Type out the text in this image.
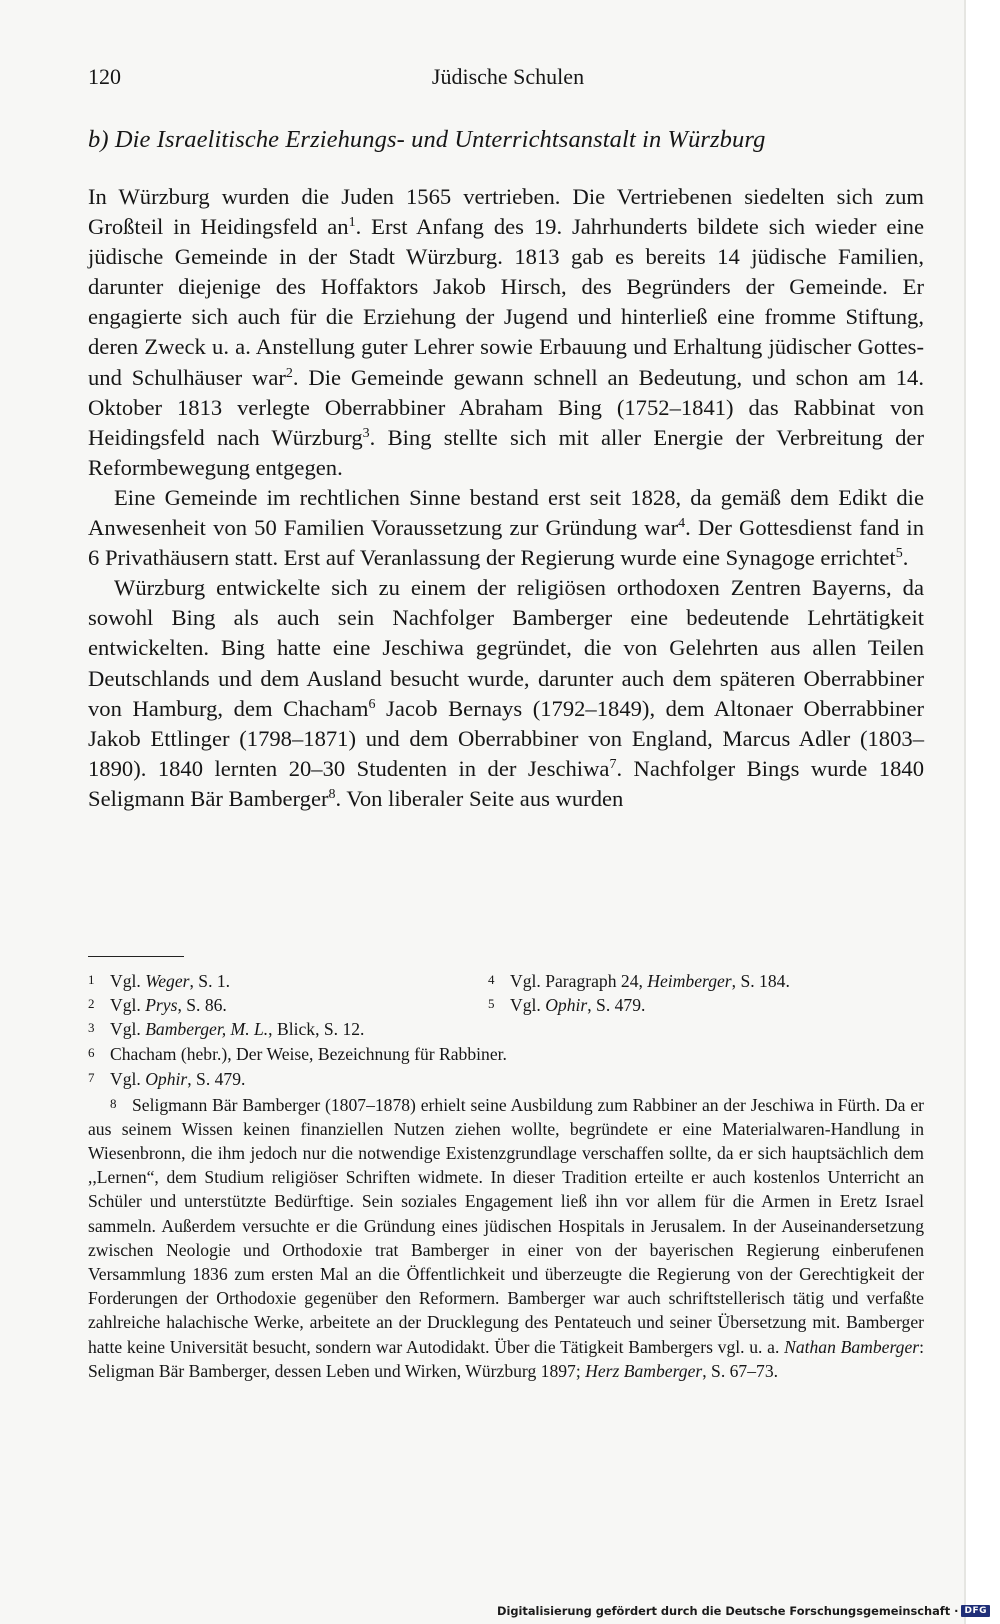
120	Jüdische Schulen
b) Die Israelitische Erziehungs- und Unterrichtsanstalt in Würzburg

In Würzburg wurden die Juden 1565 vertrieben. Die Vertriebenen siedelten sich zum Großteil in Heidingsfeld $an^1$. Erst Anfang des 19. Jahrhunderts bildete sich wieder eine jüdische Gemeinde in der Stadt Würzburg. 1813 gab es bereits 14 jüdische Familien, darunter diejenige des Hoffaktors Jakob Hirsch, des Begründers der Gemeinde. Er engagierte sich auch für die Erziehung der Jugend und hinterließ eine fromme Stiftung, deren Zweck u. a. Anstellung guter Lehrer sowie Erbauung und Erhaltung jüdischer Gottes- und Schulhäuser war$^2$. Die Gemeinde gewann schnell an Bedeutung, und schon am 14. Oktober 1813 verlegte Oberrabbiner Abraham Bing (1752–1841) das Rabbinat von Heidingsfeld nach Würzburg$^3$. Bing stellte sich mit aller Energie der Verbreitung der Reformbewegung entgegen.

Eine Gemeinde im rechtlichen Sinne bestand erst seit 1828, da gemäß dem Edikt die Anwesenheit von 50 Familien Voraussetzung zur Gründung war$^4$. Der Gottesdienst fand in 6 Privathäusern statt. Erst auf Veranlassung der Regierung wurde eine Synagoge errichtet$^5$.

Würzburg entwickelte sich zu einem der religiösen orthodoxen Zentren Bayerns, da sowohl Bing als auch sein Nachfolger Bamberger eine bedeutende Lehrtätigkeit entwickelten. Bing hatte eine Jeschiwa gegründet, die von Gelehrten aus allen Teilen Deutschlands und dem Ausland besucht wurde, darunter auch dem späteren Oberrabbiner von Hamburg, dem Chacham$^6$ Jacob Bernays (1792–1849), dem Altonaer Oberrabbiner Jakob Ettlinger (1798–1871) und dem Oberrabbiner von England, Marcus Adler (1803–1890). 1840 lernten 20–30 Studenten in der Jeschiwa$^7$. Nachfolger Bings wurde 1840 Seligmann Bär Bamberger$^8$. Von liberaler Seite aus wurden

1 Vgl. Weger, S. 1.	4 Vgl. Paragraph 24, Heimberger, S. 184.
2 Vgl. Prys, S. 86.	5 Vgl. Ophir, S. 479.
3 Vgl. Bamberger, M. L., Blick, S. 12.
6 Chacham (hebr.), Der Weise, Bezeichnung für Rabbiner.
7 Vgl. Ophir, S. 479.
8 Seligmann Bär Bamberger (1807–1878) erhielt seine Ausbildung zum Rabbiner an der Jeschiwa in Fürth. Da er aus seinem Wissen keinen finanziellen Nutzen ziehen wollte, begründete er eine Materialwaren-Handlung in Wiesenbronn, die ihm jedoch nur die notwendige Existenzgrundlage verschaffen sollte, da er sich hauptsächlich dem ,,Lernen“, dem Studium religiöser Schriften widmete. In dieser Tradition erteilte er auch kostenlos Unterricht an Schüler und unterstützte Bedürftige. Sein soziales Engagement ließ ihn vor allem für die Armen in Eretz Israel sammeln. Außerdem versuchte er die Gründung eines jüdischen Hospitals in Jerusalem. In der Auseinandersetzung zwischen Neologie und Orthodoxie trat Bamberger in einer von der bayerischen Regierung einberufenen Versammlung 1836 zum ersten Mal an die Öffentlichkeit und überzeugte die Regierung von der Gerechtigkeit der Forderungen der Orthodoxie gegenüber den Reformern. Bamberger war auch schriftstellerisch tätig und verfaßte zahlreiche halachische Werke, arbeitete an der Drucklegung des Pentateuch und seiner Übersetzung mit. Bamberger hatte keine Universität besucht, sondern war Autodidakt. Über die Tätigkeit Bambergers vgl. u. a. Nathan Bamberger: Seligman Bär Bamberger, dessen Leben und Wirken, Würzburg 1897; Herz Bamberger, S. 67–73.
Digitalisierung gefördert durch die Deutsche Forschungsgemeinschaft · DFG
